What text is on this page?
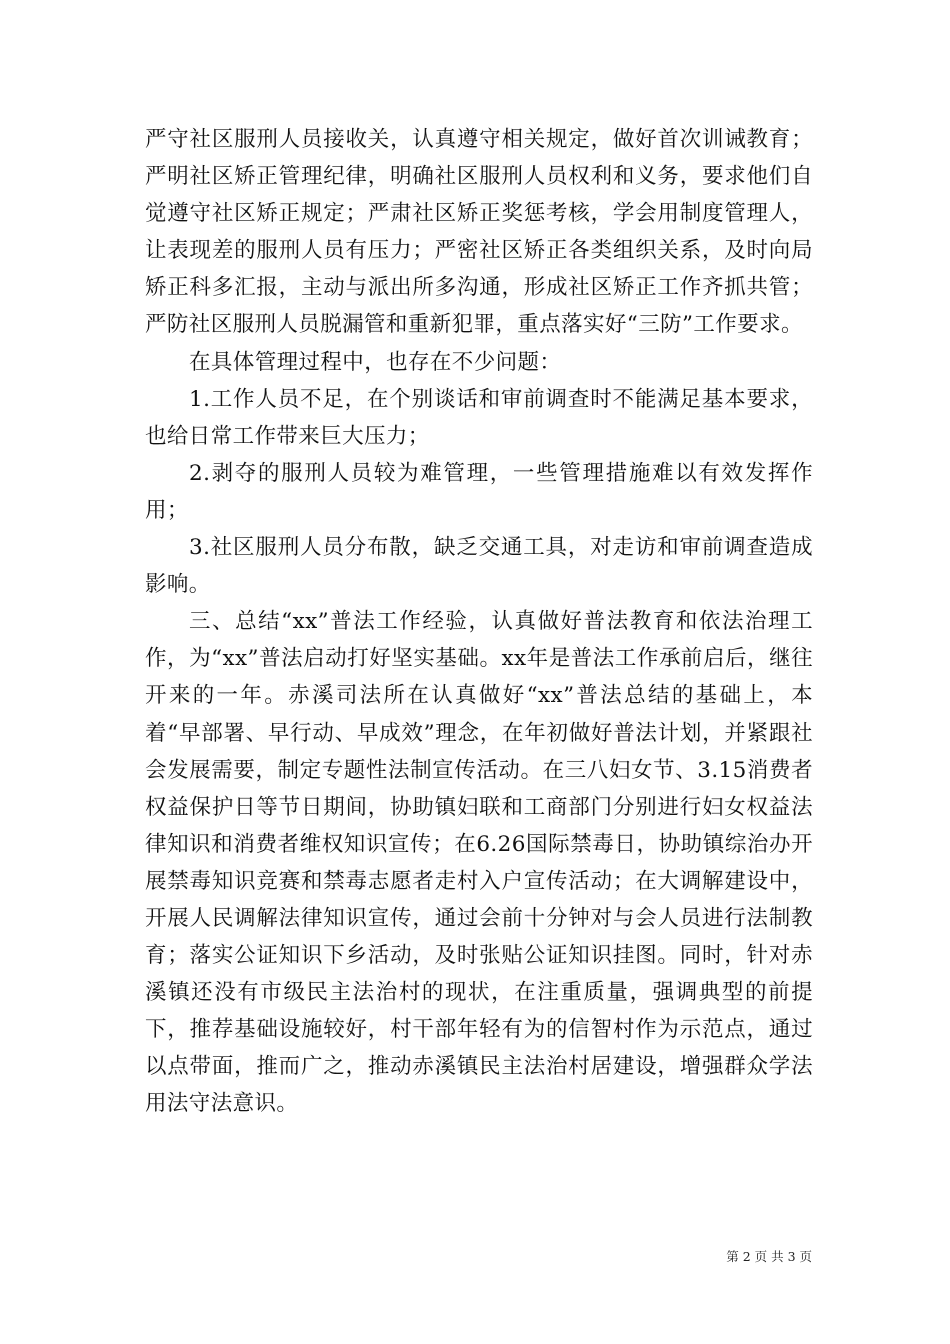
严守社区服刑人员接收关，认真遵守相关规定，做好首次训诫教育；严明社区矫正管理纪律，明确社区服刑人员权利和义务，要求他们自觉遵守社区矫正规定；严肃社区矫正奖惩考核，学会用制度管理人，让表现差的服刑人员有压力；严密社区矫正各类组织关系，及时向局矫正科多汇报，主动与派出所多沟通，形成社区矫正工作齐抓共管；严防社区服刑人员脱漏管和重新犯罪，重点落实好“三防”工作要求。

在具体管理过程中，也存在不少问题：

1.工作人员不足，在个别谈话和审前调查时不能满足基本要求，也给日常工作带来巨大压力；

2.剥夺的服刑人员较为难管理，一些管理措施难以有效发挥作用；

3.社区服刑人员分布散，缺乏交通工具，对走访和审前调查造成影响。

三、总结“xx”普法工作经验，认真做好普法教育和依法治理工作，为“xx”普法启动打好坚实基础。xx年是普法工作承前启后，继往开来的一年。赤溪司法所在认真做好“xx”普法总结的基础上，本着“早部署、早行动、早成效”理念，在年初做好普法计划，并紧跟社会发展需要，制定专题性法制宣传活动。在三八妇女节、3.15消费者权益保护日等节日期间，协助镇妇联和工商部门分别进行妇女权益法律知识和消费者维权知识宣传；在6.26国际禁毒日，协助镇综治办开展禁毒知识竞赛和禁毒志愿者走村入户宣传活动；在大调解建设中，开展人民调解法律知识宣传，通过会前十分钟对与会人员进行法制教育；落实公证知识下乡活动，及时张贴公证知识挂图。同时，针对赤溪镇还没有市级民主法治村的现状，在注重质量，强调典型的前提下，推荐基础设施较好，村干部年轻有为的信智村作为示范点，通过以点带面，推而广之，推动赤溪镇民主法治村居建设，增强群众学法用法守法意识。

第 2 页 共 3 页
